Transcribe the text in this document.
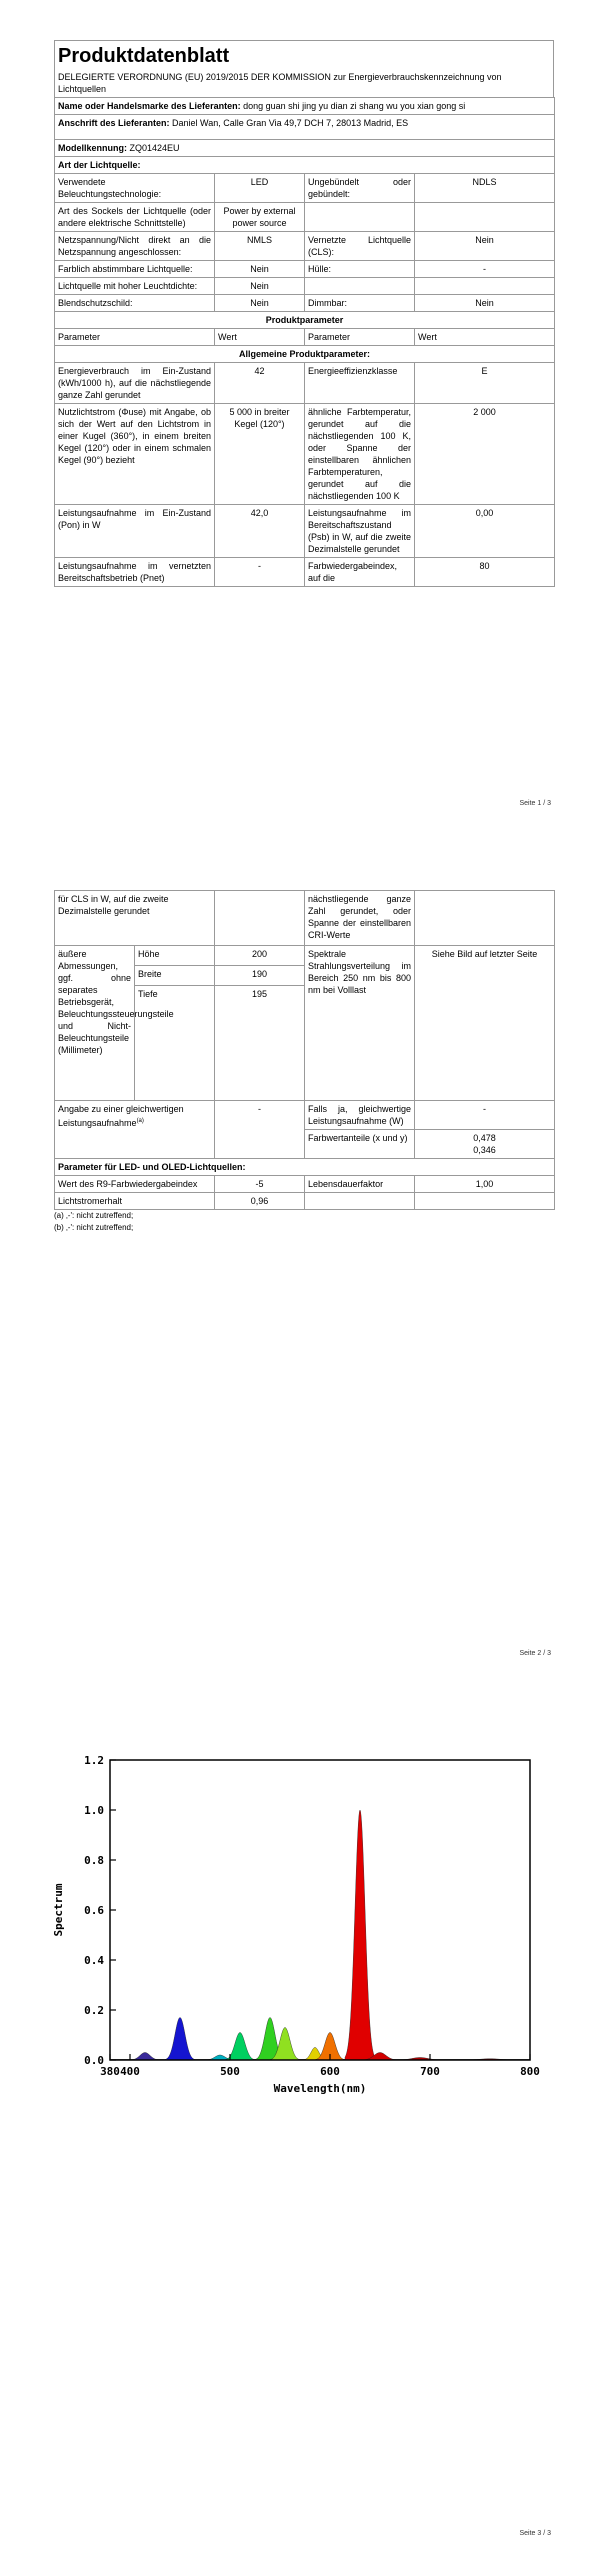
Produktdatenblatt
DELEGIERTE VERORDNUNG (EU) 2019/2015 DER KOMMISSION zur Energieverbrauchskennzeichnung von Lichtquellen
Name oder Handelsmarke des Lieferanten: dong guan shi jing yu dian zi shang wu you xian gong si			
Anschrift des Lieferanten: Daniel Wan, Calle Gran Via 49,7 DCH 7, 28013 Madrid, ES			
Modellkennung: ZQ01424EU			
Art der Lichtquelle:			
Verwendete Beleuchtungstechnologie:	LED	Ungebündelt oder gebündelt:	NDLS
Art des Sockels der Lichtquelle (oder andere elektrische Schnittstelle)	Power by external power source		
Netzspannung/Nicht direkt an die Netzspannung angeschlossen:	NMLS	Vernetzte Lichtquelle (CLS):	Nein
Farblich abstimmbare Lichtquelle:	Nein	Hülle:	-
Lichtquelle mit hoher Leuchtdichte:	Nein		
Blendschutzschild:	Nein	Dimmbar:	Nein
Produktparameter			
Parameter	Wert	Parameter	Wert
Allgemeine Produktparameter:			
Energieverbrauch im Ein-Zustand (kWh/1000 h), auf die nächstliegende ganze Zahl gerundet	42	Energieeffizienzklasse	E
Nutzlichtstrom (Φuse) mit Angabe, ob sich der Wert auf den Lichtstrom in einer Kugel (360°), in einem breiten Kegel (120°) oder in einem schmalen Kegel (90°) bezieht	5 000 in breiter Kegel (120°)	ähnliche Farbtemperatur, gerundet auf die nächstliegenden 100 K, oder Spanne der einstellbaren ähnlichen Farbtemperaturen, gerundet auf die nächstliegenden 100 K	2 000
Leistungsaufnahme im Ein-Zustand (Pon) in W	42,0	Leistungsaufnahme im Bereitschaftszustand (Psb) in W, auf die zweite Dezimalstelle gerundet	0,00
Leistungsaufnahme im vernetzten Bereitschaftsbetrieb (Pnet)	-	Farbwiedergabeindex, auf die	80
Seite 1 / 3
für CLS in W, auf die zweite Dezimalstelle gerundet			nächstliegende ganze Zahl gerundet, oder Spanne der einstellbaren CRI-Werte	
äußere Abmessungen, ggf. ohne separates Betriebsgerät, Beleuchtungssteuerungsteile und Nicht-Beleuchtungsteile (Millimeter)	Höhe	200	Spektrale Strahlungsverteilung im Bereich 250 nm bis 800 nm bei Volllast	Siehe Bild auf letzter Seite
	Breite	190		
	Tiefe	195		
Angabe zu einer gleichwertigen Leistungsaufnahme$^{(a)}$		-	Falls ja, gleichwertige Leistungsaufnahme (W)	-
			Farbwertanteile (x und y)	0,478
0,346

Parameter für LED- und OLED-Lichtquellen:				
Wert des R9-Farbwiedergabeindex		-5	Lebensdauerfaktor	1,00
Lichtstromerhalt		0,96		
(a) ‚-': nicht zutreffend;
(b) ‚-': nicht zutreffend;
Seite 2 / 3
380 400	500	600	700	800
0.0
0.2
0.4
0.6
0.8
1.0
1.2
Wavelength(nm)
Spectrum
Seite 3 / 3
